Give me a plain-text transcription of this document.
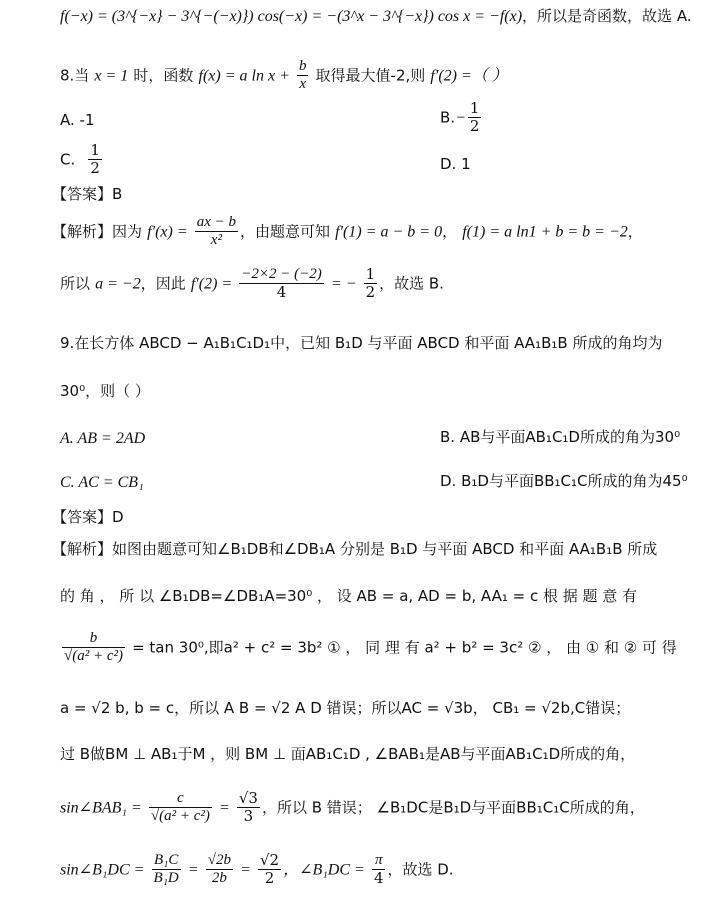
f(−x) = (3^{−x} − 3^{−(−x)}) cos(−x) = −(3^x − 3^{−x}) cos x = −f(x)，所以是奇函数，故选 A.
8.当 x = 1 时，函数 f(x) = a $\ln x + \frac{b}{x}$ 取得最大值-2,则 f′(2) =（ ）
A. -1	$B.- \frac{1}{2}$
C. $\frac{1}{2}$	D. 1
【答案】B
【解析】因为 $f'(x) = \frac{ax - b}{\text{x²}}$ ，由题意可知 f′(1) = a − b = 0， f(1) = a ln1 + b = b = −2，
所以 a = −2，因此 $f'(2) = \frac{-2\times 2 - (-2)}{4}$ = − $\frac{1}{2}$ ，故选 B.
9.在长方体 ABCD − A₁B₁C₁D₁中，已知 B₁D 与平面 ABCD 和平面 AA₁B₁B 所成的角均为
30⁰，则（ ）
A. AB = 2AD	B. AB与平面AB₁C₁D所成的角为30⁰
C. AC = CB₁	D. B₁D与平面BB₁C₁C所成的角为45⁰
【答案】D
【解析】如图由题意可知∠B₁DB和∠DB₁A 分别是 B₁D 与平面 ABCD 和平面 AA₁B₁B 所成
的 角 ， 所 以 ∠B₁DB=∠DB₁A=30⁰ ， 设 AB = a, AD = b, AA₁ = c 根 据 题 意 有
$\frac{b}{\text{√(a² + c²)}} = \tan 30^0$,即a² + c² = 3b² ① ， 同 理 有 a² + b² = 3c² ② ， 由 ① 和 ② 可 得
a = √2 b, b = c，所以 A B = √2 A D 错误；所以AC = √3b， CB₁ = √2b,C错误；
过 B做BM ⊥ AB₁于M ，则 BM ⊥ 面AB₁C₁D , ∠BAB₁是AB与平面AB₁C₁D所成的角，
sin∠BAB₁ = $\frac{c}{\text{√(a² + c²)}} = \frac{√3}{3}$ ，所以 B 错误； ∠B₁DC是B₁D与平面BB₁C₁C所成的角，
sin∠B₁DC = $\frac{\text{B₁C}}{\text{B₁D}} = \frac{√2b}{2b} = \frac{√2}{2}$ ，∠B₁DC = $\frac{\pi}{4}$ ，故选 D.
